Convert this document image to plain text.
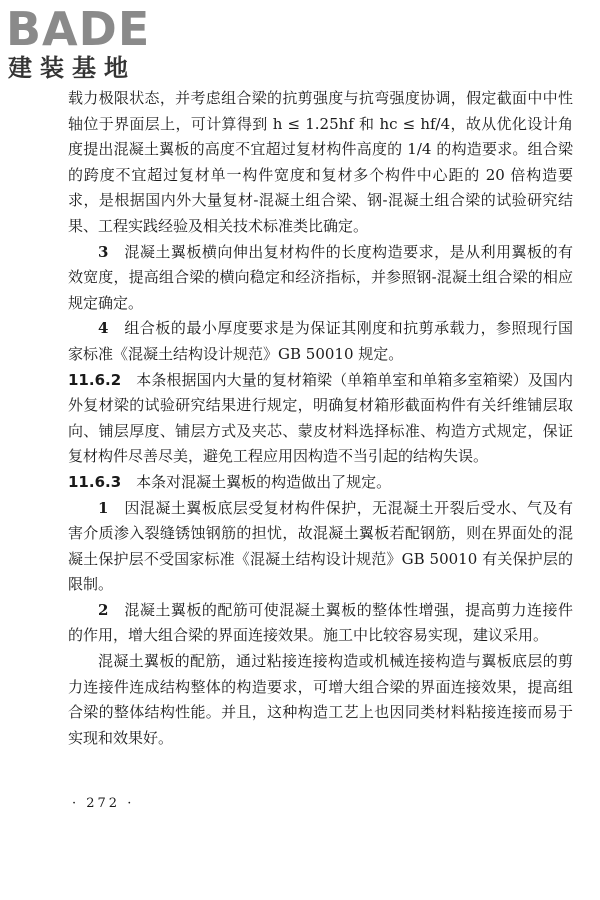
BADE
建装基地

载力极限状态，并考虑组合梁的抗剪强度与抗弯强度协调，假定截面中中性轴位于界面层上，可计算得到 h ≤ 1.25hf 和 hc ≤ hf/4，故从优化设计角度提出混凝土翼板的高度不宜超过复材构件高度的 1/4 的构造要求。组合梁的跨度不宜超过复材单一构件宽度和复材多个构件中心距的 20 倍构造要求，是根据国内外大量复材-混凝土组合梁、钢-混凝土组合梁的试验研究结果、工程实践经验及相关技术标准类比确定。

3　 混凝土翼板横向伸出复材构件的长度构造要求，是从利用翼板的有效宽度，提高组合梁的横向稳定和经济指标，并参照钢-混凝土组合梁的相应规定确定。

4　 组合板的最小厚度要求是为保证其刚度和抗剪承载力，参照现行国家标准《混凝土结构设计规范》GB 50010 规定。

11.6.2　 本条根据国内大量的复材箱梁（单箱单室和单箱多室箱梁）及国内外复材梁的试验研究结果进行规定，明确复材箱形截面构件有关纤维铺层取向、铺层厚度、铺层方式及夹芯、蒙皮材料选择标准、构造方式规定，保证复材构件尽善尽美，避免工程应用因构造不当引起的结构失误。

11.6.3　 本条对混凝土翼板的构造做出了规定。

1　 因混凝土翼板底层受复材构件保护，无混凝土开裂后受水、气及有害介质渗入裂缝锈蚀钢筋的担忧，故混凝土翼板若配钢筋，则在界面处的混凝土保护层不受国家标准《混凝土结构设计规范》GB 50010 有关保护层的限制。

2　 混凝土翼板的配筋可使混凝土翼板的整体性增强，提高剪力连接件的作用，增大组合梁的界面连接效果。施工中比较容易实现，建议采用。

混凝土翼板的配筋，通过粘接连接构造或机械连接构造与翼板底层的剪力连接件连成结构整体的构造要求，可增大组合梁的界面连接效果，提高组合梁的整体结构性能。并且，这种构造工艺上也因同类材料粘接连接而易于实现和效果好。

· 272 ·
